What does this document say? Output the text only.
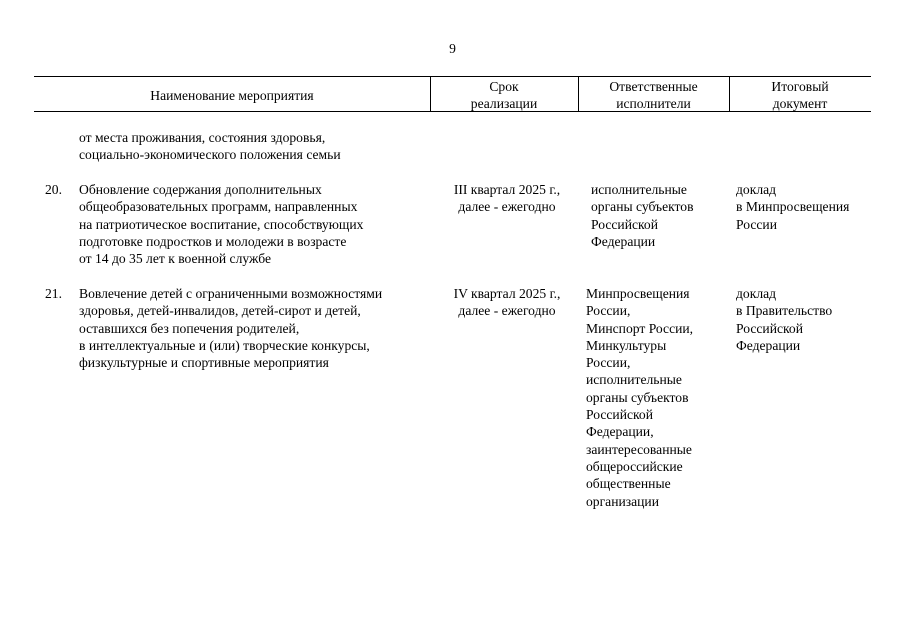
9
Наименование мероприятия
Срок
реализации
Ответственные
исполнители
Итоговый
документ
от места проживания, состояния здоровья,
социально-экономического положения семьи
20. Обновление содержания дополнительных
общеобразовательных программ, направленных
на патриотическое воспитание, способствующих
подготовке подростков и молодежи в возрасте
от 14 до 35 лет к военной службе
III квартал 2025 г.,
далее - ежегодно
исполнительные
органы субъектов
Российской
Федерации
доклад
в Минпросвещения
России
21. Вовлечение детей с ограниченными возможностями
здоровья, детей-инвалидов, детей-сирот и детей,
оставшихся без попечения родителей,
в интеллектуальные и (или) творческие конкурсы,
физкультурные и спортивные мероприятия
IV квартал 2025 г.,
далее - ежегодно
Минпросвещения
России,
Минспорт России,
Минкультуры
России,
исполнительные
органы субъектов
Российской
Федерации,
заинтересованные
общероссийские
общественные
организации
доклад
в Правительство
Российской
Федерации
